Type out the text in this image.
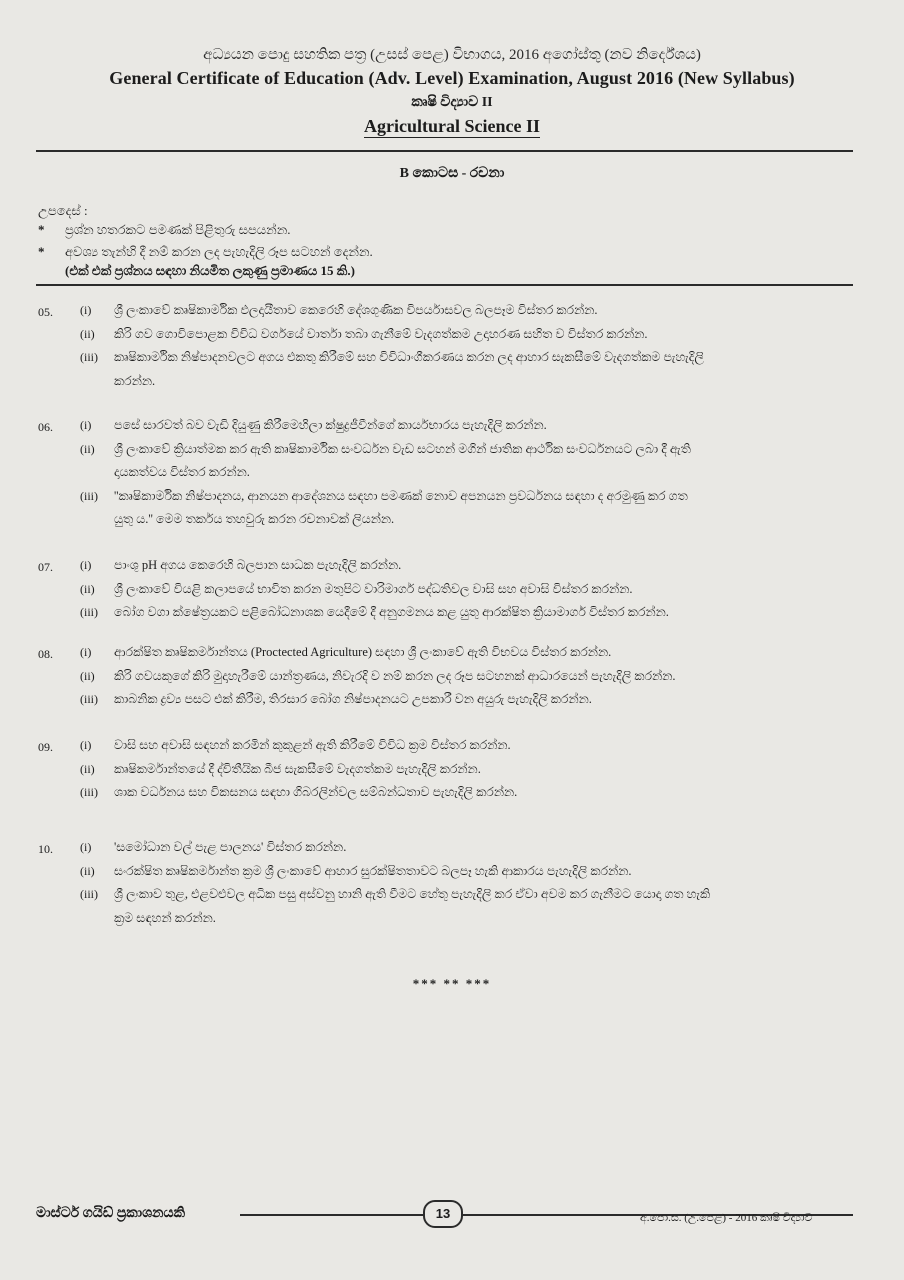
අධ්‍යයන පොදු සහතික පත්‍ර (උසස් පෙළ) විභාගය, 2016 අගෝස්තු (නව නිර්දේශය)
General Certificate of Education (Adv. Level) Examination, August 2016 (New Syllabus)
කෘෂි විද්‍යාව II
Agricultural Science II
B කොටස - රචනා
උපදෙස් :
* ප්‍රශ්න හතරකට පමණක් පිළිතුරු සපයන්න.
* අවශ්‍ය තැන්හි දී නම් කරන ලද පැහැදිලි රූප සටහන් දෙන්න.
(එක් එක් ප්‍රශ්නය සඳහා නියමිත ලකුණු ප්‍රමාණය 15 කි.)
05. (i) ශ්‍රී ලංකාවේ කෘෂිකාර්මික ඵලදායීතාව කෙරෙහි දේශගුණික විපර්යාසවල බලපෑම විස්තර කරන්න.
(ii) කිරි ගව ගොවිපොළක විවිධ වර්ගයේ වාර්තා තබා ගැනීමේ වැදගත්කම උදාහරණ සහිත ව විස්තර කරන්න.
(iii) කෘෂිකාර්මික නිෂ්පාදනවලට අගය එකතු කිරීමේ සහ විවිධාංගීකරණය කරන ලද ආහාර සැකසීමේ වැදගත්කම පැහැදිලි
කරන්න.
06. (i) පසේ සාරවත් බව වැඩි දියුණු කිරීමෙහිලා ක්ෂුද්‍රජීවීන්ගේ කාර්යභාරය පැහැදිලි කරන්න.
(ii) ශ්‍රී ලංකාවේ ක්‍රියාත්මක කර ඇති කෘෂිකාර්මික සංවර්ධන වැඩ සටහන් මගින් ජාතික ආර්ථික සංවර්ධනයට ලබා දී ඇති
දායකත්වය විස්තර කරන්න.
(iii) ''කෘෂිකාර්මික නිෂ්පාදනය, ආනයන ආදේශනය සඳහා පමණක් නොව අපනයන ප්‍රවර්ධනය සඳහා ද අරමුණු කර ගත
යුතු ය.'' මෙම තර්කය තහවුරු කරන රචනාවක් ලියන්න.
07. (i) පාංශු pH අගය කෙරෙහි බලපාන සාධක පැහැදිලි කරන්න.
(ii) ශ්‍රී ලංකාවේ වියළි කලාපයේ භාවිත කරන මතුපිට වාරිමාර්ග පද්ධතිවල වාසි සහ අවාසි විස්තර කරන්න.
(iii) බෝග වගා ක්ෂේත්‍රයකට පළිබෝධනාශක යෙදීමේ දී අනුගමනය කළ යුතු ආරක්ෂිත ක්‍රියාමාර්ග විස්තර කරන්න.
08. (i) ආරක්ෂිත කෘෂිකර්මාන්තය (Proctected Agriculture) සඳහා ශ්‍රී ලංකාවේ ඇති විභවය විස්තර කරන්න.
(ii) කිරි ගවයකුගේ කිරි මුදාහැරීමේ යාන්ත්‍රණය, නිවැරදි ව නම් කරන ලද රූප සටහනක් ආධාරයෙන් පැහැදිලි කරන්න.
(iii) කාබනික ද්‍රව්‍ය පසට එක් කිරීම, තිරසාර බෝග නිෂ්පාදනයට උපකාරී වන අයුරු පැහැදිලි කරන්න.
09. (i) වාසි සහ අවාසි සඳහන් කරමින් කුකුළන් ඇති කිරීමේ විවිධ ක්‍රම විස්තර කරන්න.
(ii) කෘෂිකර්මාන්තයේ දී ද්විතීයික බීජ සැකසීමේ වැදගත්කම පැහැදිලි කරන්න.
(iii) ශාක වර්ධනය සහ විකසනය සඳහා ගිබරලින්වල සම්බන්ධතාව පැහැදිලි කරන්න.
10. (i) 'සමෝධාන වල් පැළ පාලනය' විස්තර කරන්න.
(ii) සංරක්ෂිත කෘෂිකර්මාන්ත ක්‍රම ශ්‍රී ලංකාවේ ආහාර සුරක්ෂිතතාවට බලපෑ හැකි ආකාරය පැහැදිලි කරන්න.
(iii) ශ්‍රී ලංකාව තුළ, එළවළුවල අධික පසු අස්වනු හානි ඇති වීමට හේතු පැහැදිලි කර ඒවා අවම කර ගැනීමට යොදා ගත හැකි
ක්‍රම සඳහන් කරන්න.
*** ** ***
මාස්ටර් ගයිඩ් ප්‍රකාශනයකි	13	අ.පො.ස. (උ.පෙළ) - 2016 කෘෂි විද්‍යාව
